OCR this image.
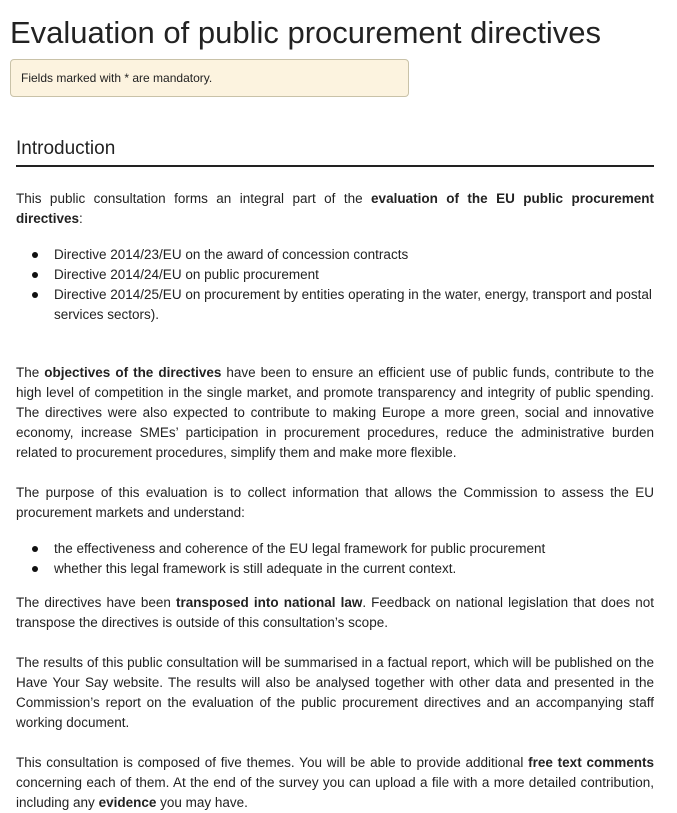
Evaluation of public procurement directives
Fields marked with * are mandatory.
Introduction

This public consultation forms an integral part of the evaluation of the EU public procurement directives:

Directive 2014/23/EU on the award of concession contracts
Directive 2014/24/EU on public procurement
Directive 2014/25/EU on procurement by entities operating in the water, energy, transport and postal services sectors).

The objectives of the directives have been to ensure an efficient use of public funds, contribute to the high level of competition in the single market, and promote transparency and integrity of public spending. The directives were also expected to contribute to making Europe a more green, social and innovative economy, increase SMEs’ participation in procurement procedures, reduce the administrative burden related to procurement procedures, simplify them and make more flexible.

The purpose of this evaluation is to collect information that allows the Commission to assess the EU procurement markets and understand:

the effectiveness and coherence of the EU legal framework for public procurement
whether this legal framework is still adequate in the current context.

The directives have been transposed into national law. Feedback on national legislation that does not transpose the directives is outside of this consultation’s scope.

The results of this public consultation will be summarised in a factual report, which will be published on the Have Your Say website. The results will also be analysed together with other data and presented in the Commission’s report on the evaluation of the public procurement directives and an accompanying staff working document.

This consultation is composed of five themes. You will be able to provide additional free text comments concerning each of them. At the end of the survey you can upload a file with a more detailed contribution, including any evidence you may have.
